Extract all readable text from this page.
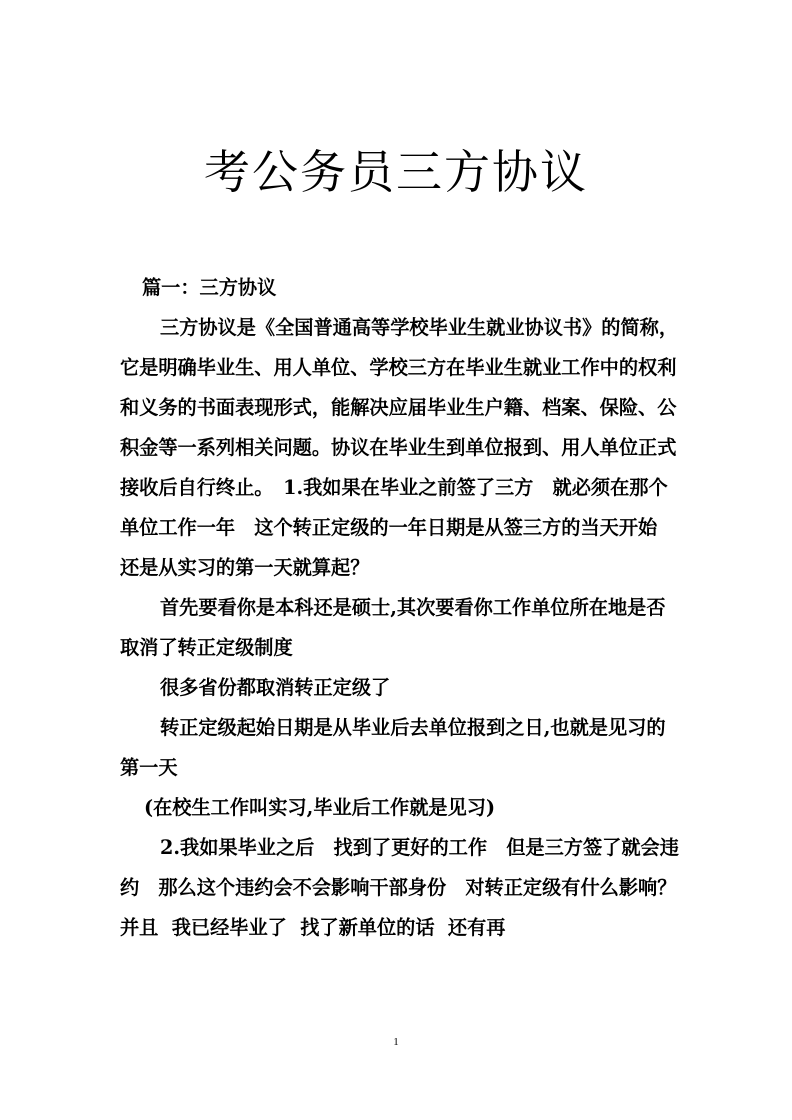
考公务员三方协议

篇一：三方协议

三方协议是《全国普通高等学校毕业生就业协议书》的简称，它是明确毕业生、用人单位、学校三方在毕业生就业工作中的权利和义务的书面表现形式，能解决应届毕业生户籍、档案、保险、公积金等一系列相关问题。协议在毕业生到单位报到、用人单位正式接收后自行终止。　1.我如果在毕业之前签了三方　就必须在那个单位工作一年　这个转正定级的一年日期是从签三方的当天开始　还是从实习的第一天就算起？

首先要看你是本科还是硕士,其次要看你工作单位所在地是否取消了转正定级制度

很多省份都取消转正定级了

转正定级起始日期是从毕业后去单位报到之日,也就是见习的第一天

(在校生工作叫实习,毕业后工作就是见习)

2.我如果毕业之后　找到了更好的工作　但是三方签了就会违约　那么这个违约会不会影响干部身份　对转正定级有什么影响？并且  我已经毕业了  找了新单位的话  还有再

1
